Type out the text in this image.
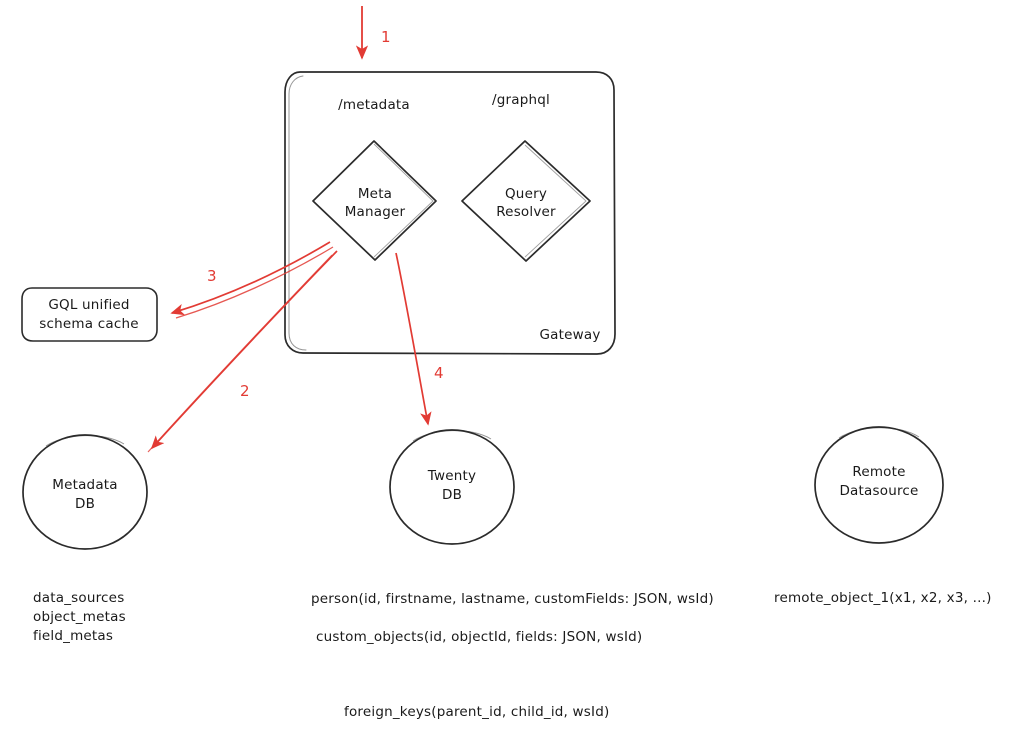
1
2
3
4
/metadata	/graphql
Gateway
Meta
Manager
Query
Resolver
GQL unified
schema cache
Metadata
DB
Twenty
DB
Remote
Datasource
data_sources
object_metas
field_metas
person(id, firstname, lastname, customFields: JSON, wsId)
custom_objects(id, objectId, fields: JSON, wsId)
foreign_keys(parent_id, child_id, wsId)
remote_object_1(x1, x2, x3, ...)
